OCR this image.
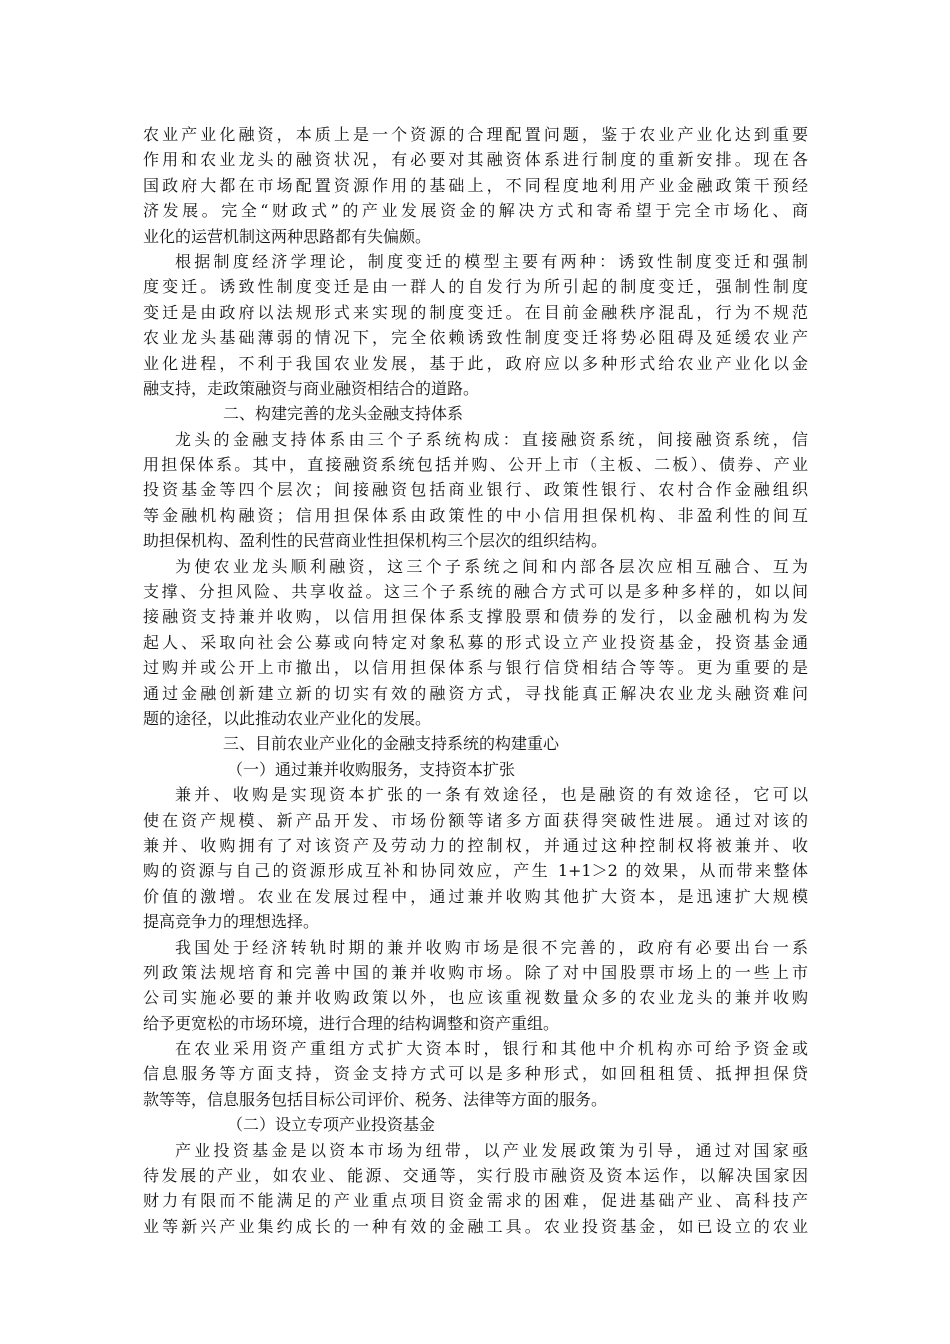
农业产业化融资，本质上是一个资源的合理配置问题，鉴于农业产业化达到重要
作用和农业龙头的融资状况，有必要对其融资体系进行制度的重新安排。现在各
国政府大都在市场配置资源作用的基础上，不同程度地利用产业金融政策干预经
济发展。完全“财政式”的产业发展资金的解决方式和寄希望于完全市场化、商
业化的运营机制这两种思路都有失偏颇。
根据制度经济学理论，制度变迁的模型主要有两种：诱致性制度变迁和强制
度变迁。诱致性制度变迁是由一群人的自发行为所引起的制度变迁，强制性制度
变迁是由政府以法规形式来实现的制度变迁。在目前金融秩序混乱，行为不规范
农业龙头基础薄弱的情况下，完全依赖诱致性制度变迁将势必阻碍及延缓农业产
业化进程，不利于我国农业发展，基于此，政府应以多种形式给农业产业化以金
融支持，走政策融资与商业融资相结合的道路。
二、构建完善的龙头金融支持体系
龙头的金融支持体系由三个子系统构成：直接融资系统，间接融资系统，信
用担保体系。其中，直接融资系统包括并购、公开上市（主板、二板）、债券、产业
投资基金等四个层次；间接融资包括商业银行、政策性银行、农村合作金融组织
等金融机构融资；信用担保体系由政策性的中小信用担保机构、非盈利性的间互
助担保机构、盈利性的民营商业性担保机构三个层次的组织结构。
为使农业龙头顺利融资，这三个子系统之间和内部各层次应相互融合、互为
支撑、分担风险、共享收益。这三个子系统的融合方式可以是多种多样的，如以间
接融资支持兼并收购，以信用担保体系支撑股票和债券的发行，以金融机构为发
起人、采取向社会公募或向特定对象私募的形式设立产业投资基金，投资基金通
过购并或公开上市撤出，以信用担保体系与银行信贷相结合等等。更为重要的是
通过金融创新建立新的切实有效的融资方式，寻找能真正解决农业龙头融资难问
题的途径，以此推动农业产业化的发展。
三、目前农业产业化的金融支持系统的构建重心
（一）通过兼并收购服务，支持资本扩张
兼并、收购是实现资本扩张的一条有效途径，也是融资的有效途径，它可以
使在资产规模、新产品开发、市场份额等诸多方面获得突破性进展。通过对该的
兼并、收购拥有了对该资产及劳动力的控制权，并通过这种控制权将被兼并、收
购的资源与自己的资源形成互补和协同效应，产生 1+1＞2 的效果，从而带来整体
价值的激增。农业在发展过程中，通过兼并收购其他扩大资本，是迅速扩大规模
提高竞争力的理想选择。
我国处于经济转轨时期的兼并收购市场是很不完善的，政府有必要出台一系
列政策法规培育和完善中国的兼并收购市场。除了对中国股票市场上的一些上市
公司实施必要的兼并收购政策以外，也应该重视数量众多的农业龙头的兼并收购
给予更宽松的市场环境，进行合理的结构调整和资产重组。
在农业采用资产重组方式扩大资本时，银行和其他中介机构亦可给予资金或
信息服务等方面支持，资金支持方式可以是多种形式，如回租租赁、抵押担保贷
款等等，信息服务包括目标公司评价、税务、法律等方面的服务。
（二）设立专项产业投资基金
产业投资基金是以资本市场为纽带，以产业发展政策为引导，通过对国家亟
待发展的产业，如农业、能源、交通等，实行股市融资及资本运作，以解决国家因
财力有限而不能满足的产业重点项目资金需求的困难，促进基础产业、高科技产
业等新兴产业集约成长的一种有效的金融工具。农业投资基金，如已设立的农业
